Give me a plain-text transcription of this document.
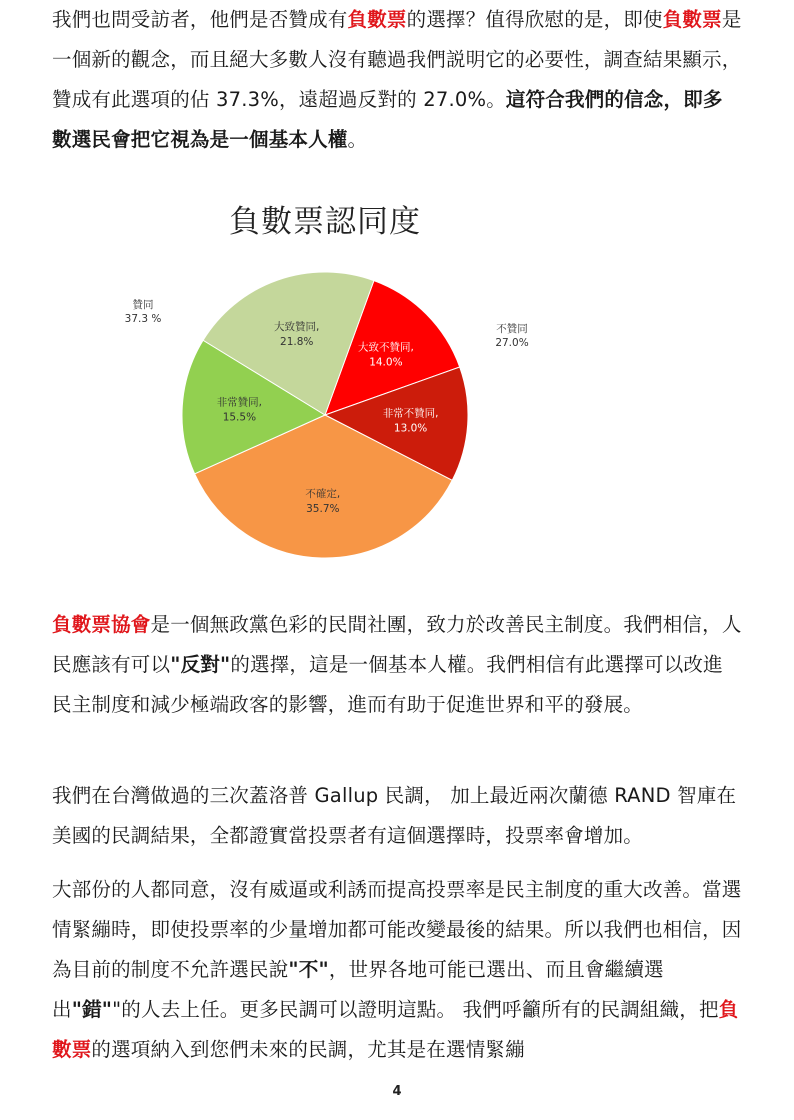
我們也問受訪者，他們是否贊成有負數票的選擇？值得欣慰的是，即使負數票是一個新的觀念，而且絕大多數人沒有聽過我們説明它的必要性，調查結果顯示，贊成有此選項的佔 37.3%，遠超過反對的 27.0%。這符合我們的信念，即多數選民會把它視為是一個基本人權。
負數票認同度
大致不贊同,
14.0%
非常不贊同,
13.0%
不確定,
35.7%
非常贊同,
15.5%
大致贊同,
21.8%
贊同
37.3 %
不贊同
27.0%
負數票協會是一個無政黨色彩的民間社團，致力於改善民主制度。我們相信，人民應該有可以"反對"的選擇，這是一個基本人權。我們相信有此選擇可以改進民主制度和減少極端政客的影響，進而有助于促進世界和平的發展。
我們在台灣做過的三次蓋洛普 Gallup 民調， 加上最近兩次蘭德 RAND 智庫在美國的民調結果，全都證實當投票者有這個選擇時，投票率會增加。
大部份的人都同意，沒有威逼或利誘而提高投票率是民主制度的重大改善。當選情緊繃時，即使投票率的少量增加都可能改變最後的結果。所以我們也相信，因為目前的制度不允許選民說"不"，世界各地可能已選出、而且會繼續選出"錯""的人去上任。更多民調可以證明這點。 我們呼籲所有的民調組織，把負數票的選項納入到您們未來的民調，尤其是在選情緊繃
4
